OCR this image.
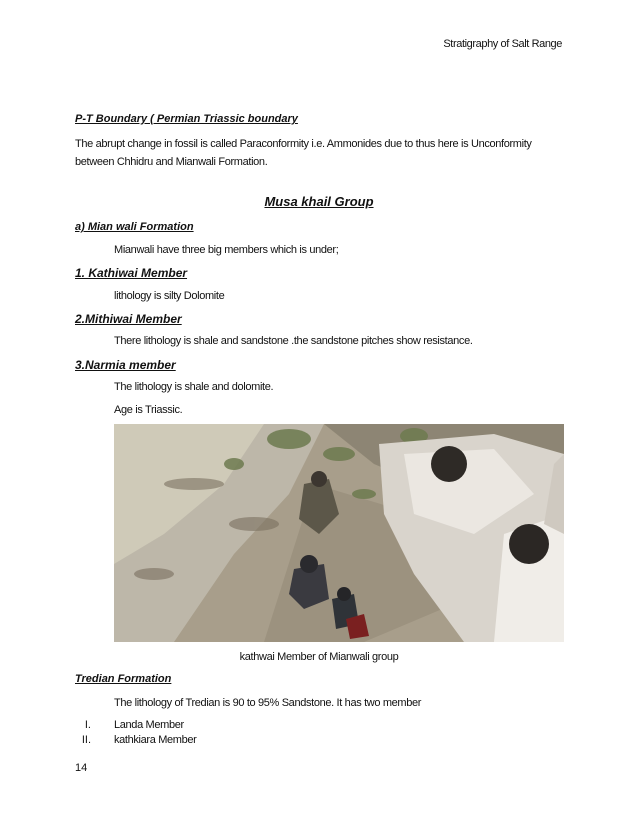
Stratigraphy of Salt Range
P-T Boundary ( Permian Triassic boundary
The abrupt change in fossil is called Paraconformity i.e. Ammonides due to thus here is Unconformity between Chhidru and Mianwali Formation.
Musa khail Group
a) Mian wali Formation
Mianwali have three big members which is under;
1. Kathiwai Member
lithology is silty Dolomite
2.Mithiwai Member
There lithology is shale and sandstone .the sandstone pitches show resistance.
3.Narmia member
The lithology is shale and dolomite.
Age is Triassic.
kathwai Member of Mianwali group
Tredian Formation
The lithology of Tredian is 90 to 95% Sandstone. It has two member
I. Landa Member
II. kathkiara Member
14
